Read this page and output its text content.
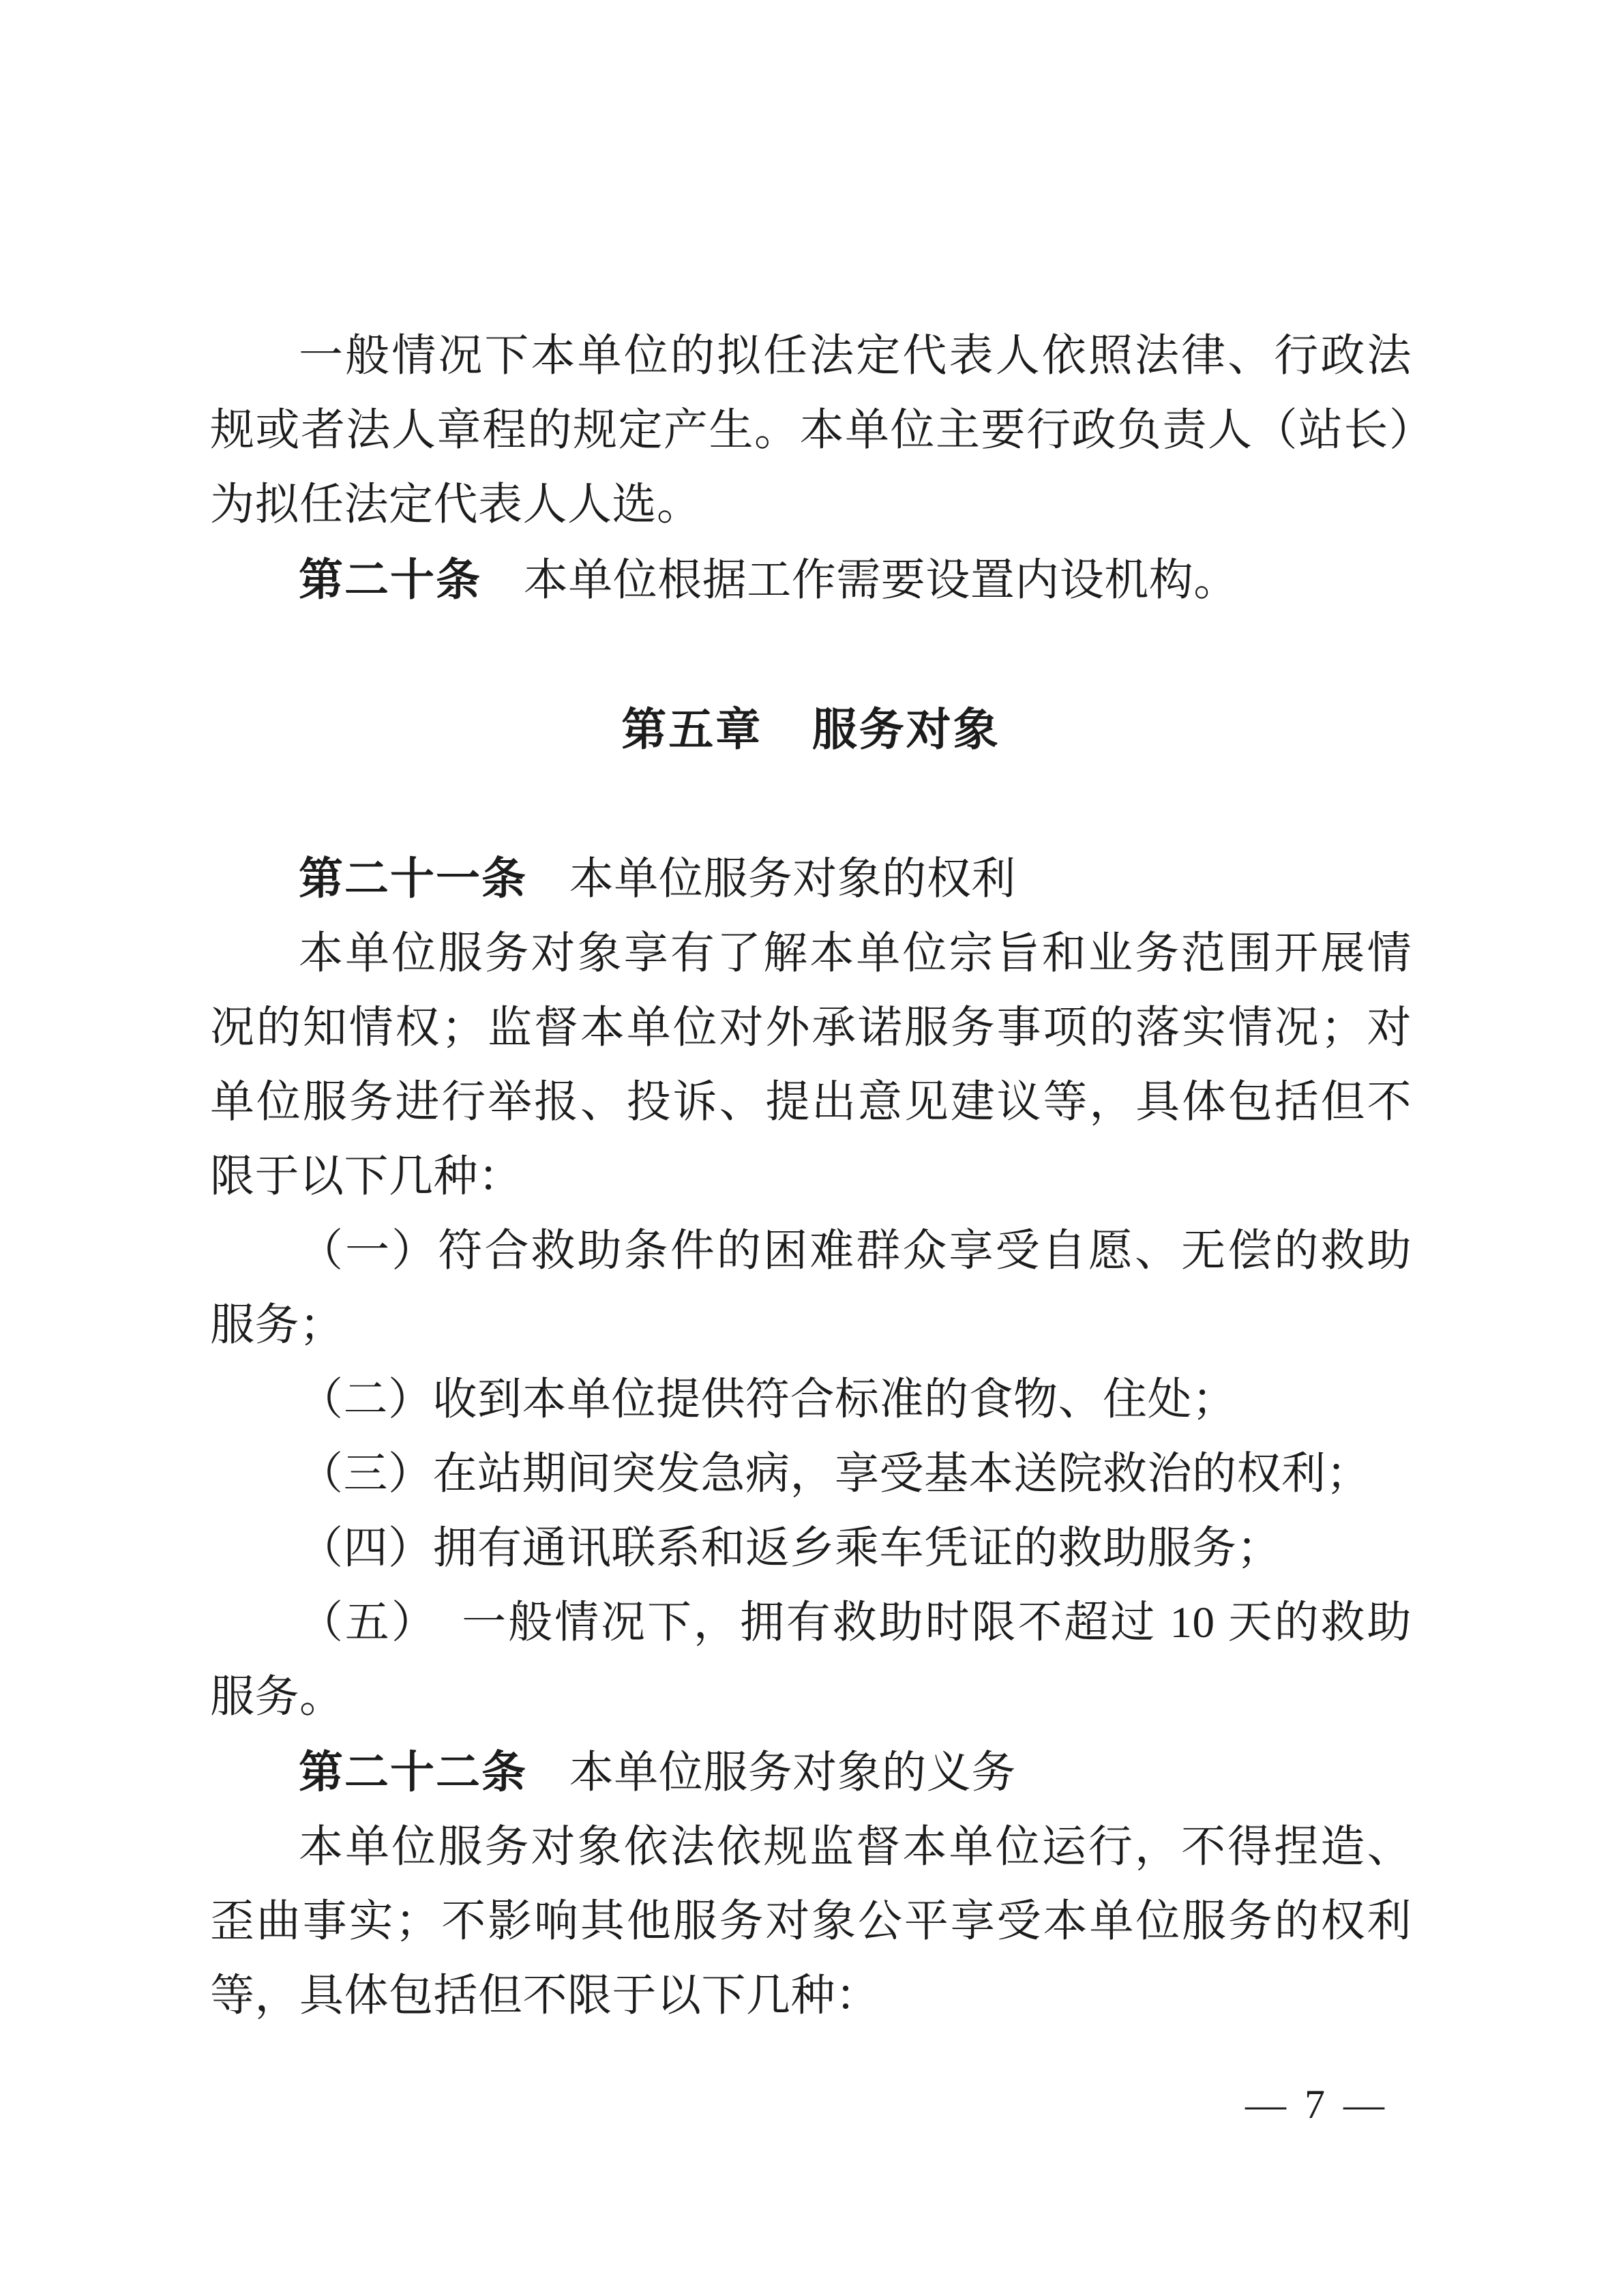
一般情况下本单位的拟任法定代表人依照法律、行政法规或者法人章程的规定产生。本单位主要行政负责人（站长）为拟任法定代表人人选。

第二十条 本单位根据工作需要设置内设机构。

第五章 服务对象

第二十一条 本单位服务对象的权利

本单位服务对象享有了解本单位宗旨和业务范围开展情况的知情权；监督本单位对外承诺服务事项的落实情况；对单位服务进行举报、投诉、提出意见建议等，具体包括但不限于以下几种：

（一）符合救助条件的困难群众享受自愿、无偿的救助服务；

（二）收到本单位提供符合标准的食物、住处；

（三）在站期间突发急病，享受基本送院救治的权利；

（四）拥有通讯联系和返乡乘车凭证的救助服务；

（五）　一般情况下，拥有救助时限不超过 10 天的救助服务。

第二十二条 本单位服务对象的义务

本单位服务对象依法依规监督本单位运行，不得捏造、歪曲事实；不影响其他服务对象公平享受本单位服务的权利等，具体包括但不限于以下几种：

— 7 —
